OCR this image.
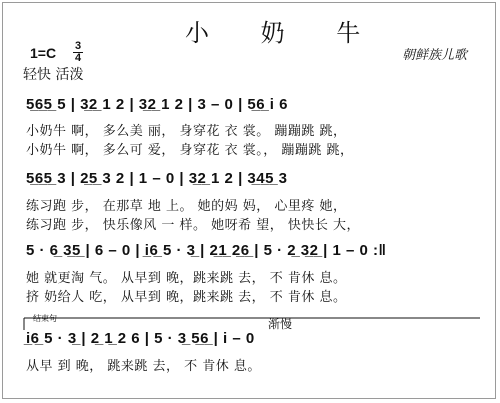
小 奶 牛
1=C 3
4
轻快 活泼
朝鲜族儿歌
5̲6̲5̲ 5 | 3̲2̲ 1 2 | 3̲2̲ 1 2 | 3 – 0 | 5̲6̲ i 6
小奶牛 啊， 多么美 丽， 身穿花 衣 裳。 蹦蹦跳 跳，
小奶牛 啊， 多么可 爱， 身穿花 衣 裳。， 蹦蹦跳 跳，
5̲6̲5̲ 3 | 2̲5̲ 3 2 | 1 – 0 | 3̲2̲ 1 2 | 3̲4̲5̲ 3
练习跑 步， 在那草 地 上。 她的妈 妈， 心里疼 她，
练习跑 步， 快乐像风 一 样。 她呀希 望， 快快长 大，
5 · 6̲ 3̲5̲ | 6 – 0 | i̲6̲ 5 · 3̲ | 2̲1̲ 2̲6̲ | 5 · 2̲ 3̲2̲ | 1 – 0 :‖
她 就更淘 气。 从早到 晚，跳来跳 去， 不 肯休 息。
挤 奶给人 吃， 从早到 晚，跳来跳 去， 不 肯休 息。
结束句	渐慢
i̲6̲ 5 · 3̲ | 2̲ 1̲ 2 6 | 5 · 3̲ 5̲6̲ | i – 0
从早 到 晚， 跳来跳 去， 不 肯休 息。
